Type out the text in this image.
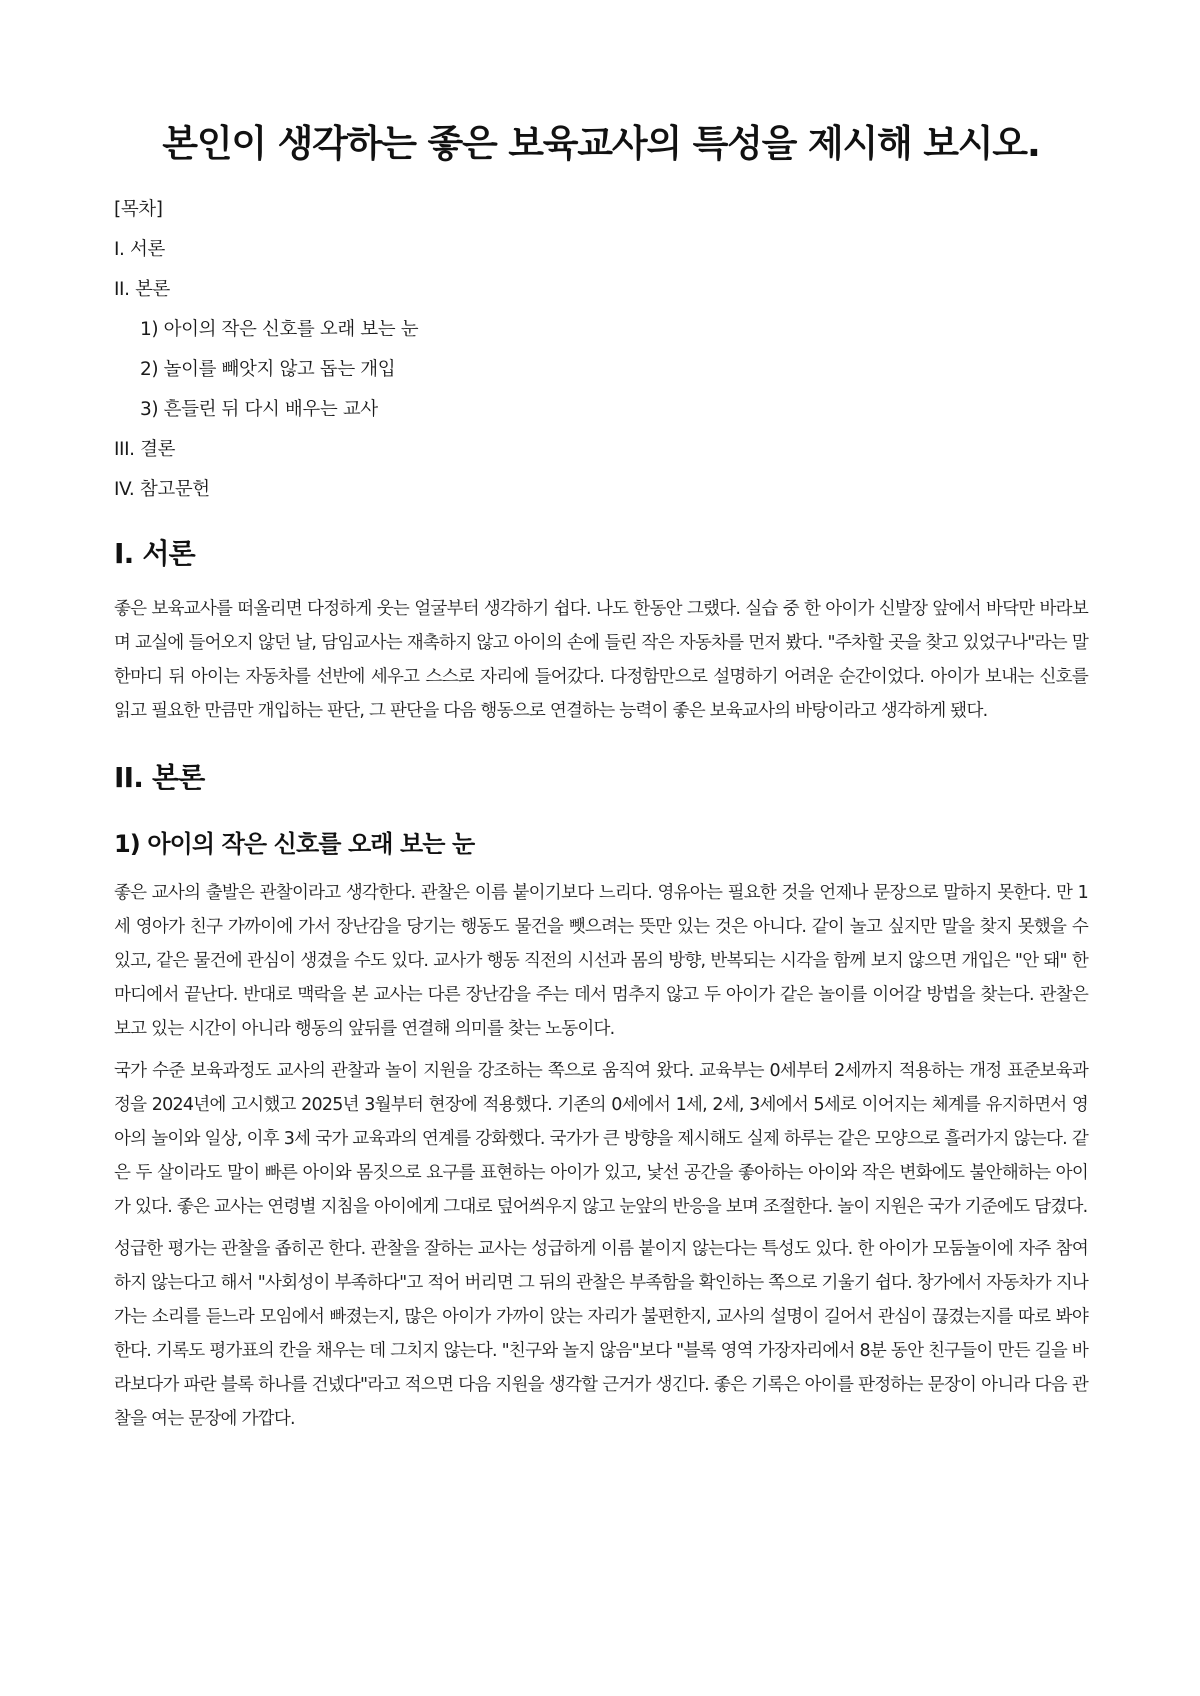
본인이 생각하는 좋은 보육교사의 특성을 제시해 보시오.
[목차]
I. 서론
II. 본론
1) 아이의 작은 신호를 오래 보는 눈
2) 놀이를 빼앗지 않고 돕는 개입
3) 흔들린 뒤 다시 배우는 교사
III. 결론
IV. 참고문헌
I. 서론

좋은 보육교사를 떠올리면 다정하게 웃는 얼굴부터 생각하기 쉽다. 나도 한동안 그랬다. 실습 중 한 아이가 신발장 앞에서 바닥만 바라보며 교실에 들어오지 않던 날, 담임교사는 재촉하지 않고 아이의 손에 들린 작은 자동차를 먼저 봤다. "주차할 곳을 찾고 있었구나"라는 말 한마디 뒤 아이는 자동차를 선반에 세우고 스스로 자리에 들어갔다. 다정함만으로 설명하기 어려운 순간이었다. 아이가 보내는 신호를 읽고 필요한 만큼만 개입하는 판단, 그 판단을 다음 행동으로 연결하는 능력이 좋은 보육교사의 바탕이라고 생각하게 됐다.

II. 본론
1) 아이의 작은 신호를 오래 보는 눈

좋은 교사의 출발은 관찰이라고 생각한다. 관찰은 이름 붙이기보다 느리다. 영유아는 필요한 것을 언제나 문장으로 말하지 못한다. 만 1세 영아가 친구 가까이에 가서 장난감을 당기는 행동도 물건을 뺏으려는 뜻만 있는 것은 아니다. 같이 놀고 싶지만 말을 찾지 못했을 수 있고, 같은 물건에 관심이 생겼을 수도 있다. 교사가 행동 직전의 시선과 몸의 방향, 반복되는 시각을 함께 보지 않으면 개입은 "안 돼" 한마디에서 끝난다. 반대로 맥락을 본 교사는 다른 장난감을 주는 데서 멈추지 않고 두 아이가 같은 놀이를 이어갈 방법을 찾는다. 관찰은 보고 있는 시간이 아니라 행동의 앞뒤를 연결해 의미를 찾는 노동이다.

국가 수준 보육과정도 교사의 관찰과 놀이 지원을 강조하는 쪽으로 움직여 왔다. 교육부는 0세부터 2세까지 적용하는 개정 표준보육과정을 2024년에 고시했고 2025년 3월부터 현장에 적용했다. 기존의 0세에서 1세, 2세, 3세에서 5세로 이어지는 체계를 유지하면서 영아의 놀이와 일상, 이후 3세 국가 교육과의 연계를 강화했다. 국가가 큰 방향을 제시해도 실제 하루는 같은 모양으로 흘러가지 않는다. 같은 두 살이라도 말이 빠른 아이와 몸짓으로 요구를 표현하는 아이가 있고, 낯선 공간을 좋아하는 아이와 작은 변화에도 불안해하는 아이가 있다. 좋은 교사는 연령별 지침을 아이에게 그대로 덮어씌우지 않고 눈앞의 반응을 보며 조절한다. 놀이 지원은 국가 기준에도 담겼다.

성급한 평가는 관찰을 좁히곤 한다. 관찰을 잘하는 교사는 성급하게 이름 붙이지 않는다는 특성도 있다. 한 아이가 모둠놀이에 자주 참여하지 않는다고 해서 "사회성이 부족하다"고 적어 버리면 그 뒤의 관찰은 부족함을 확인하는 쪽으로 기울기 쉽다. 창가에서 자동차가 지나가는 소리를 듣느라 모임에서 빠졌는지, 많은 아이가 가까이 앉는 자리가 불편한지, 교사의 설명이 길어서 관심이 끊겼는지를 따로 봐야 한다. 기록도 평가표의 칸을 채우는 데 그치지 않는다. "친구와 놀지 않음"보다 "블록 영역 가장자리에서 8분 동안 친구들이 만든 길을 바라보다가 파란 블록 하나를 건넸다"라고 적으면 다음 지원을 생각할 근거가 생긴다. 좋은 기록은 아이를 판정하는 문장이 아니라 다음 관찰을 여는 문장에 가깝다.
